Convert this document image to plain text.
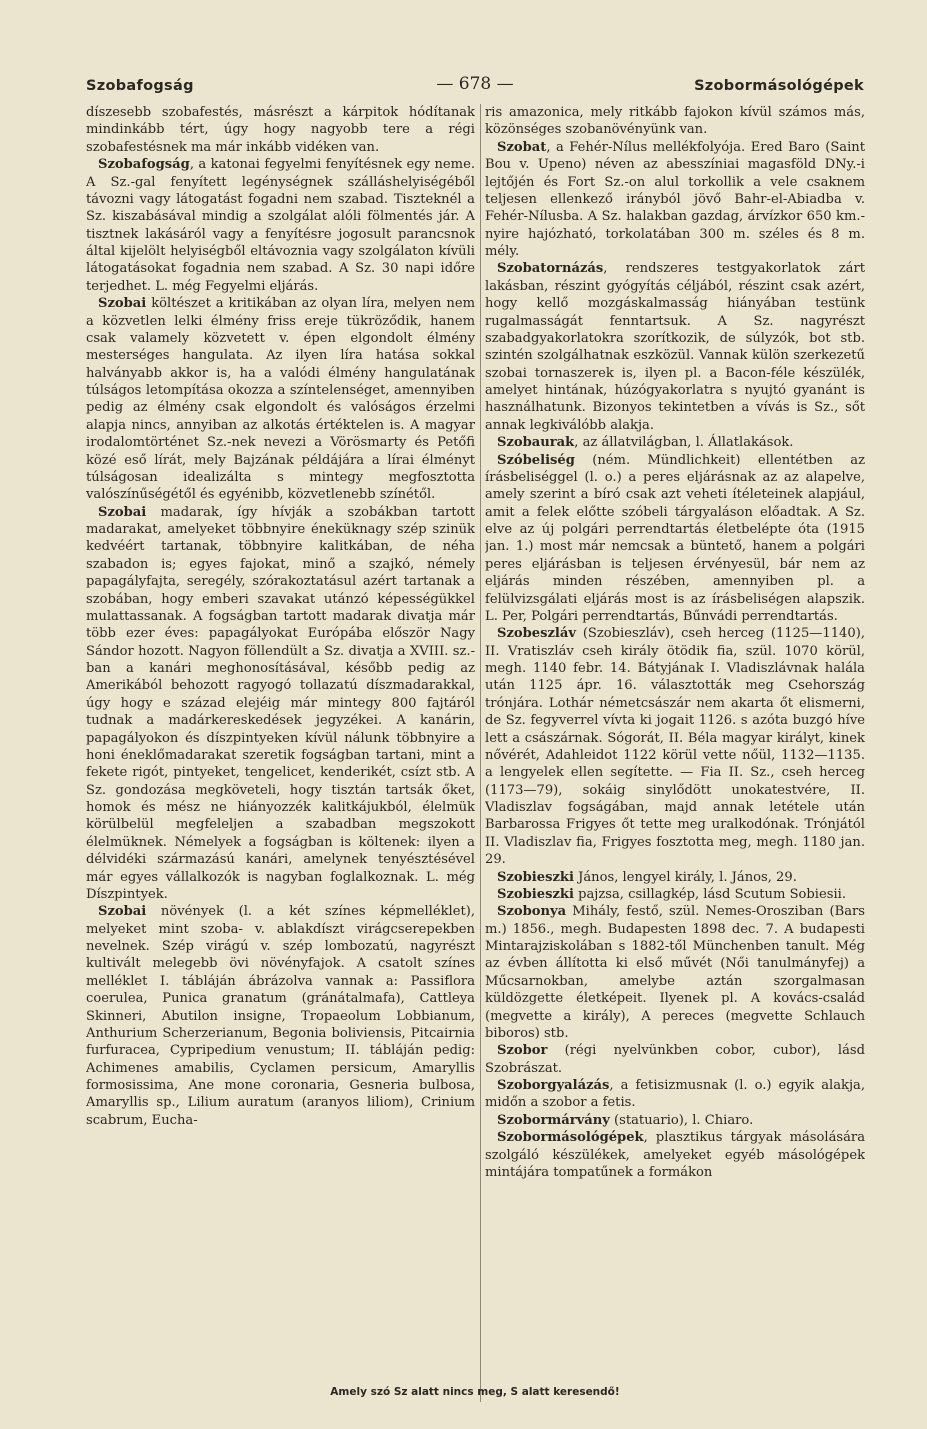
Szobafogság	— 678 —	Szobormásológépek

díszesebb szobafestés, másrészt a kárpitok hódítanak mindinkább tért, úgy hogy nagyobb tere a régi szobafestésnek ma már inkább vidéken van.

Szobafogság, a katonai fegyelmi fenyítésnek egy neme. A Sz.-gal fenyített legénységnek szálláshelyiségéből távozni vagy látogatást fogadni nem szabad. Tiszteknél a Sz. kiszabásával mindig a szolgálat alóli fölmentés jár. A tisztnek lakásáról vagy a fenyítésre jogosult parancsnok által kijelölt helyiségből eltávoznia vagy szolgálaton kívüli látogatásokat fogadnia nem szabad. A Sz. 30 napi időre terjedhet. L. még Fegyelmi eljárás.

Szobai költészet a kritikában az olyan líra, melyen nem a közvetlen lelki élmény friss ereje tükröződik, hanem csak valamely közvetett v. épen elgondolt élmény mesterséges hangulata. Az ilyen líra hatása sokkal halványabb akkor is, ha a valódi élmény hangulatának túlságos letompítása okozza a színtelenséget, amennyiben pedig az élmény csak elgondolt és valóságos érzelmi alapja nincs, annyiban az alkotás értéktelen is. A magyar irodalomtörténet Sz.-nek nevezi a Vörösmarty és Petőfi közé eső lírát, mely Bajzának példájára a lírai élményt túlságosan idealizálta s mintegy megfosztotta valószínűségétől és egyénibb, közvetlenebb színétől.

Szobai madarak, így hívják a szobákban tartott madarakat, amelyeket többnyire éneküknagy szép szinük kedvéért tartanak, többnyire kalitkában, de néha szabadon is; egyes fajokat, minő a szajkó, némely papagályfajta, seregély, szórakoztatásul azért tartanak a szobában, hogy emberi szavakat utánzó képességükkel mulattassanak. A fogságban tartott madarak divatja már több ezer éves: papagályokat Európába először Nagy Sándor hozott. Nagyon föllendült a Sz. divatja a XVIII. sz.-ban a kanári meghonosításával, később pedig az Amerikából behozott ragyogó tollazatú díszmadarakkal, úgy hogy e század elejéig már mintegy 800 fajtáról tudnak a madárkereskedések jegyzékei. A kanárin, papagályokon és díszpintyeken kívül nálunk többnyire a honi éneklőmadarakat szeretik fogságban tartani, mint a fekete rigót, pintyeket, tengelicet, kenderikét, csízt stb. A Sz. gondozása megköveteli, hogy tisztán tartsák őket, homok és mész ne hiányozzék kalitkájukból, élelmük körülbelül megfeleljen a szabadban megszokott élelmüknek. Némelyek a fogságban is költenek: ilyen a délvidéki származású kanári, amelynek tenyésztésével már egyes vállalkozók is nagyban foglalkoznak. L. még Díszpintyek.

Szobai növények (l. a két színes képmelléklet), melyeket mint szoba- v. ablakdíszt virágcserepekben nevelnek. Szép virágú v. szép lombozatú, nagyrészt kultivált melegebb övi növényfajok. A csatolt színes melléklet I. tábláján ábrázolva vannak a: Passiflora coerulea, Punica granatum (gránátalmafa), Cattleya Skinneri, Abutilon insigne, Tropaeolum Lobbianum, Anthurium Scherzerianum, Begonia boliviensis, Pitcairnia furfuracea, Cypripedium venustum; II. tábláján pedig: Achimenes amabilis, Cyclamen persicum, Amaryllis formosissima, Ane mone coronaria, Gesneria bulbosa, Amaryllis sp., Lilium auratum (aranyos liliom), Crinium scabrum, Eucha-

ris amazonica, mely ritkább fajokon kívül számos más, közönséges szobanövényünk van.

Szobat, a Fehér-Nílus mellékfolyója. Ered Baro (Saint Bou v. Upeno) néven az abesszíniai magasföld DNy.-i lejtőjén és Fort Sz.-on alul torkollik a vele csaknem teljesen ellenkező irányból jövő Bahr-el-Abiadba v. Fehér-Nílusba. A Sz. halakban gazdag, árvízkor 650 km.-nyire hajózható, torkolatában 300 m. széles és 8 m. mély.

Szobatornázás, rendszeres testgyakorlatok zárt lakásban, részint gyógyítás céljából, részint csak azért, hogy kellő mozgáskalmasság hiányában testünk rugalmasságát fenntartsuk. A Sz. nagyrészt szabadgyakorlatokra szorítkozik, de súlyzók, bot stb. szintén szolgálhatnak eszközül. Vannak külön szerkezetű szobai tornaszerek is, ilyen pl. a Bacon-féle készülék, amelyet hintának, húzógyakorlatra s nyujtó gyanánt is használhatunk. Bizonyos tekintetben a vívás is Sz., sőt annak legkiválóbb alakja.

Szobaurak, az állatvilágban, l. Állatlakások.

Szóbeliség (ném. Mündlichkeit) ellentétben az írásbeliséggel (l. o.) a peres eljárásnak az az alapelve, amely szerint a bíró csak azt veheti ítéleteinek alapjául, amit a felek előtte szóbeli tárgyaláson előadtak. A Sz. elve az új polgári perrendtartás életbelépte óta (1915 jan. 1.) most már nemcsak a büntető, hanem a polgári peres eljárásban is teljesen érvényesül, bár nem az eljárás minden részében, amennyiben pl. a felülvizsgálati eljárás most is az írásbeliségen alapszik. L. Per, Polgári perrendtartás, Bűnvádi perrendtartás.

Szobeszláv (Szobieszláv), cseh herceg (1125—1140), II. Vratiszláv cseh király ötödik fia, szül. 1070 körül, megh. 1140 febr. 14. Bátyjának I. Vladiszlávnak halála után 1125 ápr. 16. választották meg Csehország trónjára. Lothár németcsászár nem akarta őt elismerni, de Sz. fegyverrel vívta ki jogait 1126. s azóta buzgó híve lett a császárnak. Sógorát, II. Béla magyar királyt, kinek nővérét, Adahleidot 1122 körül vette nőül, 1132—1135. a lengyelek ellen segítette. — Fia II. Sz., cseh herceg (1173—79), sokáig sinylődött unokatestvére, II. Vladiszlav fogságában, majd annak letétele után Barbarossa Frigyes őt tette meg uralkodónak. Trónjától II. Vladiszlav fia, Frigyes fosztotta meg, megh. 1180 jan. 29.

Szobieszki János, lengyel király, l. János, 29.

Szobieszki pajzsa, csillagkép, lásd Scutum Sobiesii.

Szobonya Mihály, festő, szül. Nemes-Orosziban (Bars m.) 1856., megh. Budapesten 1898 dec. 7. A budapesti Mintarajziskolában s 1882-től Münchenben tanult. Még az évben állította ki első művét (Női tanulmányfej) a Műcsarnokban, amelybe aztán szorgalmasan küldözgette életképeit. Ilyenek pl. A kovács-család (megvette a király), A pereces (megvette Schlauch biboros) stb.

Szobor (régi nyelvünkben cobor, cubor), lásd Szobrászat.

Szoborgyalázás, a fetisizmusnak (l. o.) egyik alakja, midőn a szobor a fetis.

Szobormárvány (statuario), l. Chiaro.

Szobormásológépek, plasztikus tárgyak másolására szolgáló készülékek, amelyeket egyéb másológépek mintájára tompatűnek a formákon

Amely szó Sz alatt nincs meg, S alatt keresendő!
